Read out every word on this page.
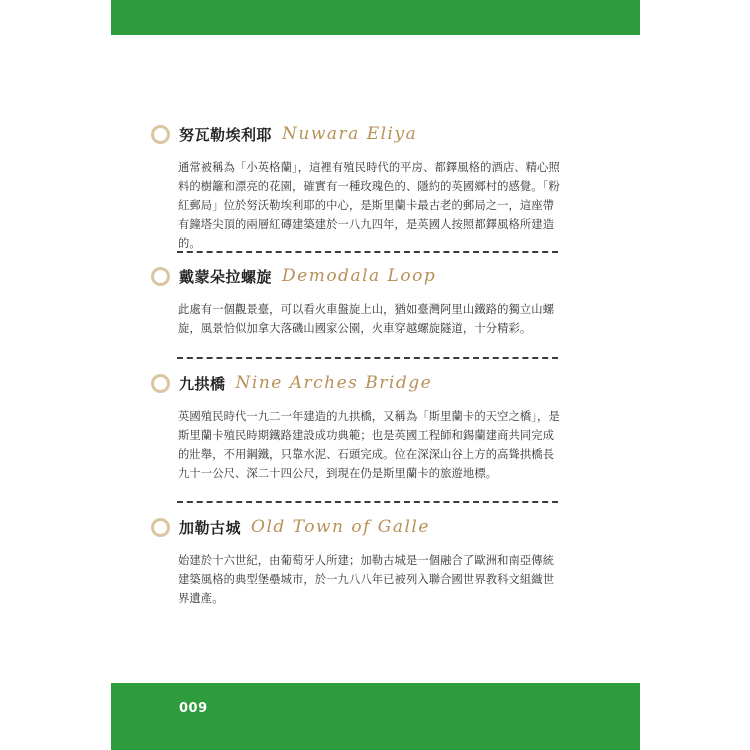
努瓦勒埃利耶 Nuwara Eliya
通常被稱為「小英格蘭」，這裡有殖民時代的平房、都鐸風格的酒店、精心照料的樹籬和漂亮的花園，確實有一種玫瑰色的、隱約的英國鄉村的感覺。「粉紅郵局」位於努沃勒埃利耶的中心，是斯里蘭卡最古老的郵局之一，這座帶有鐘塔尖頂的兩層紅磚建築建於一八九四年，是英國人按照都鐸風格所建造的。
戴蒙朵拉螺旋 Demodala Loop
此處有一個觀景臺，可以看火車盤旋上山，猶如臺灣阿里山鐵路的獨立山螺旋，風景恰似加拿大落磯山國家公園，火車穿越螺旋隧道，十分精彩。
九拱橋 Nine Arches Bridge
英國殖民時代一九二一年建造的九拱橋，又稱為「斯里蘭卡的天空之橋」，是斯里蘭卡殖民時期鐵路建設成功典範；也是英國工程師和錫蘭建商共同完成的壯舉，不用鋼鐵，只靠水泥、石頭完成。位在深深山谷上方的高聳拱橋長九十一公尺、深二十四公尺，到現在仍是斯里蘭卡的旅遊地標。
加勒古城 Old Town of Galle
始建於十六世紀，由葡萄牙人所建；加勒古城是一個融合了歐洲和南亞傳統建築風格的典型堡壘城市，於一九八八年已被列入聯合國世界教科文組織世界遺產。
009
